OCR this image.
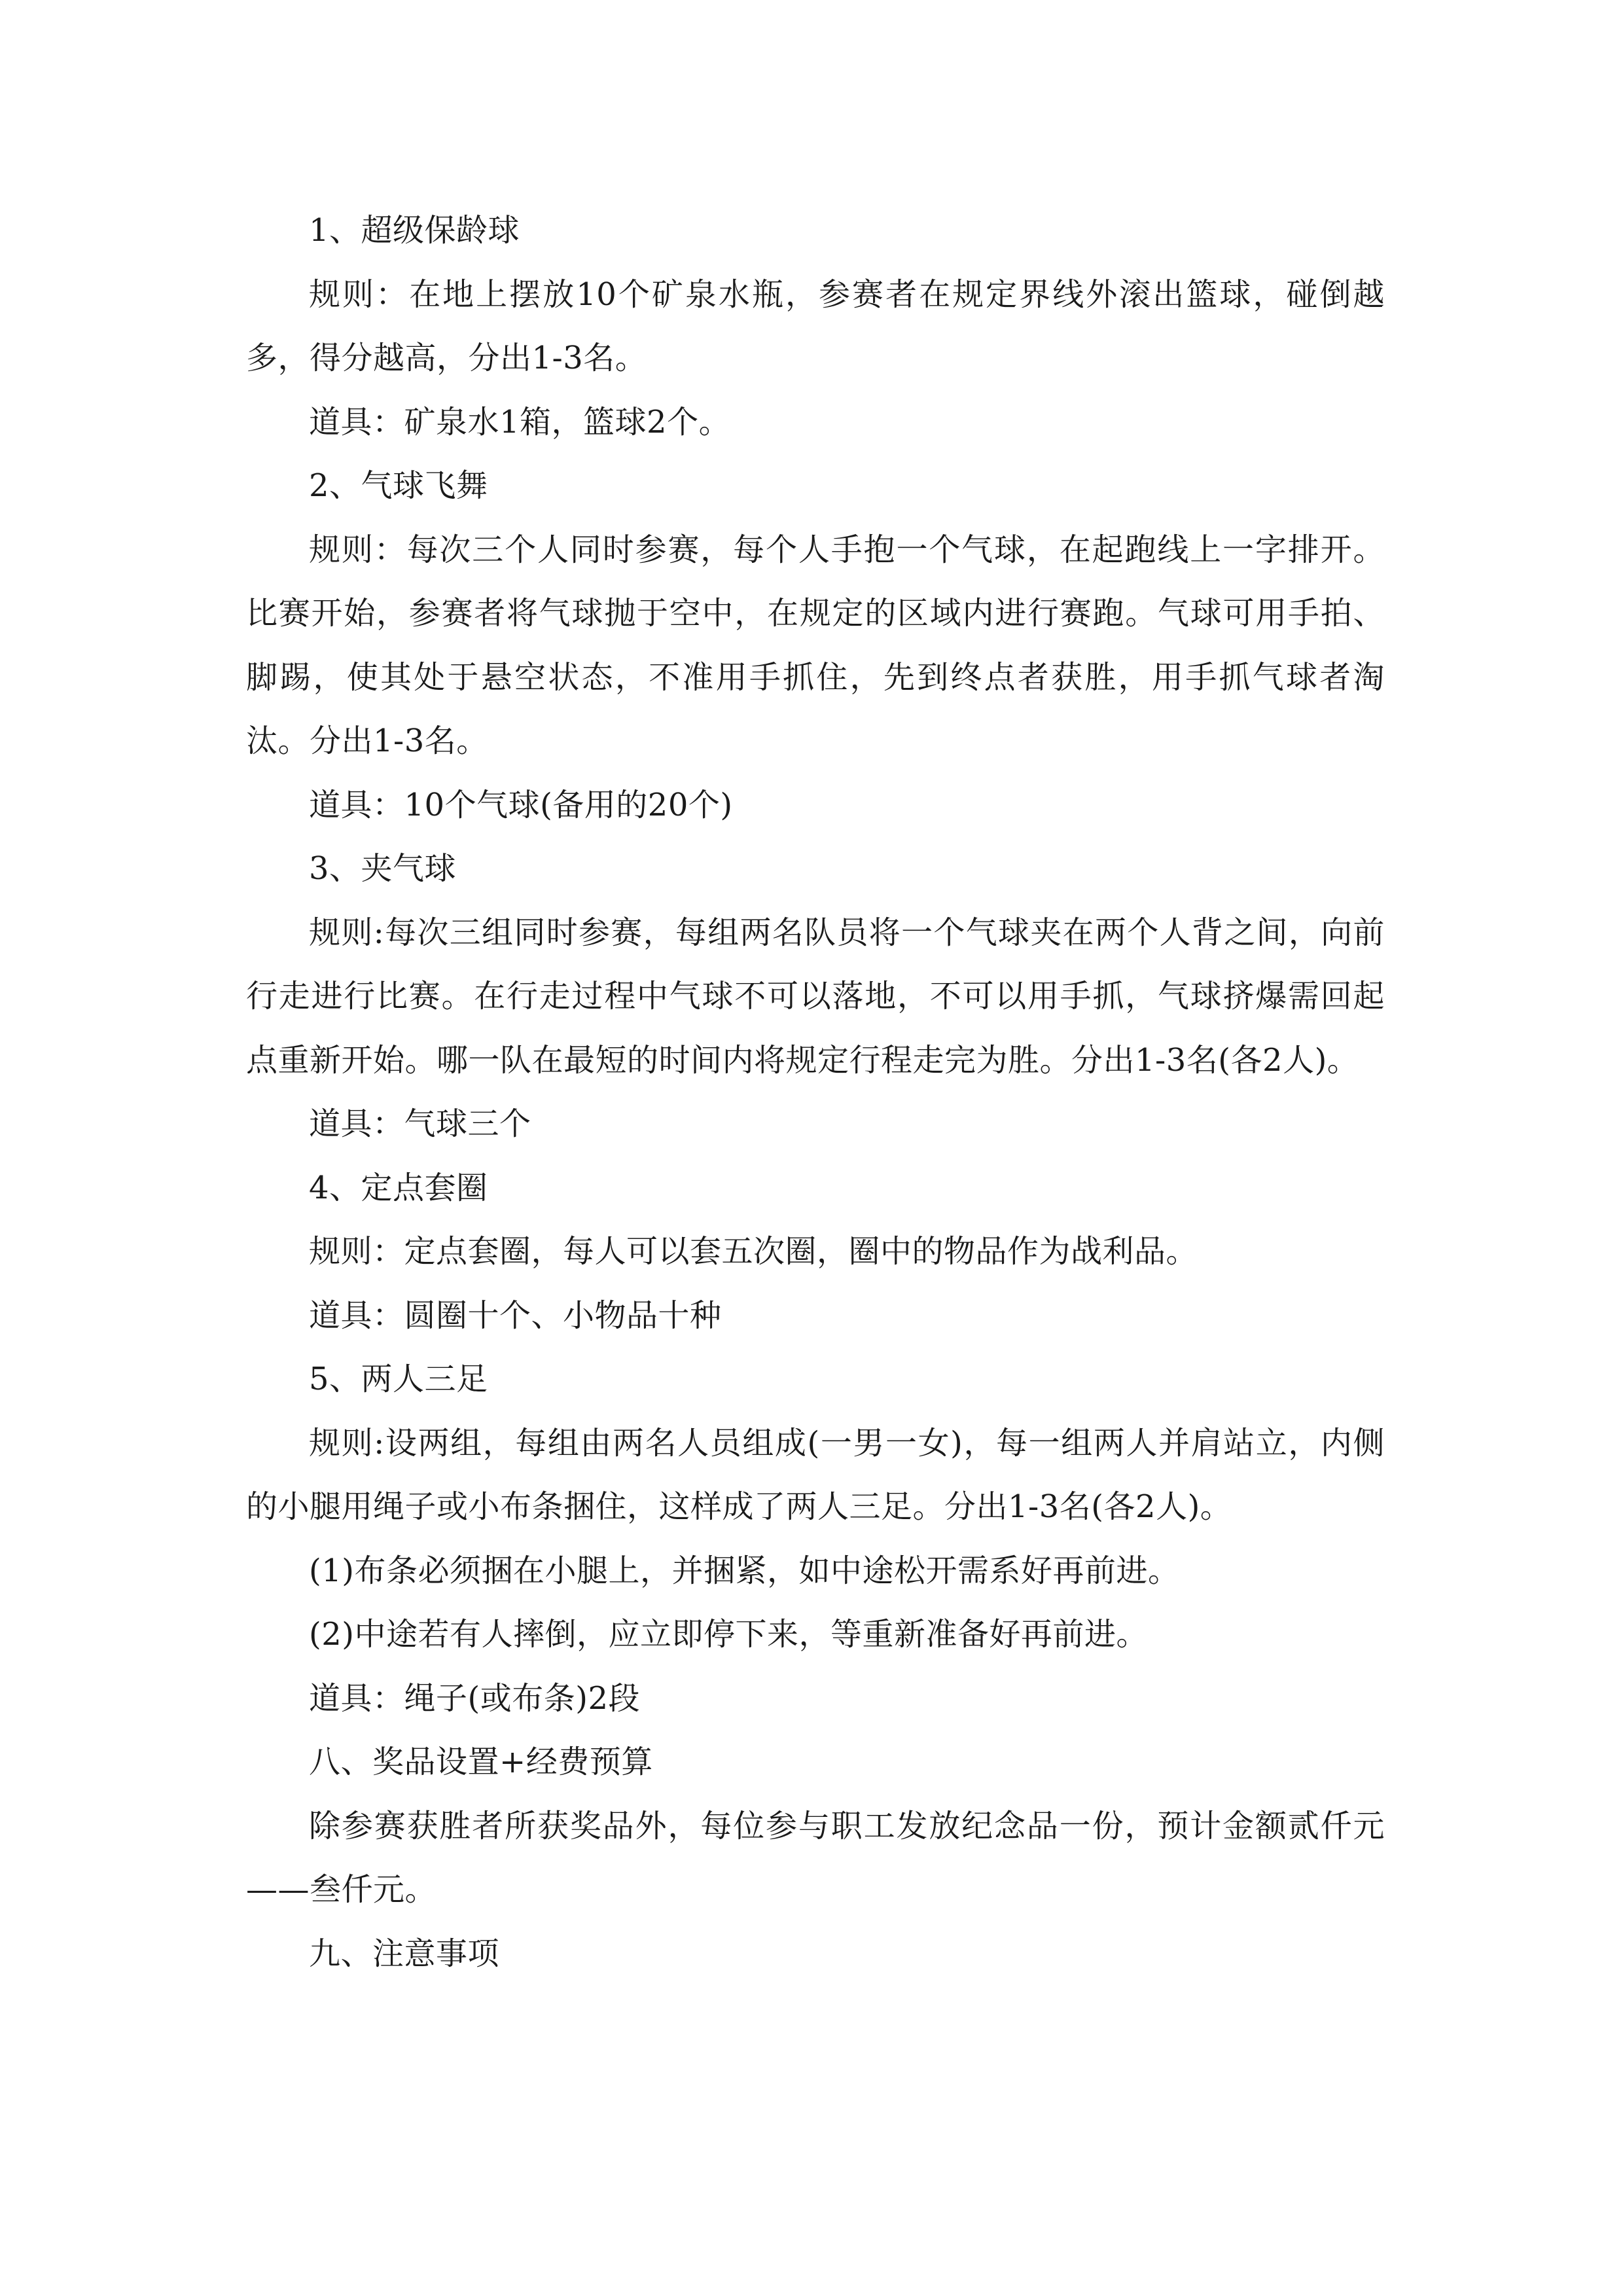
1、超级保龄球

规则：在地上摆放10个矿泉水瓶，参赛者在规定界线外滚出篮球，碰倒越多，得分越高，分出1-3名。

道具：矿泉水1箱，篮球2个。

2、气球飞舞

规则：每次三个人同时参赛，每个人手抱一个气球，在起跑线上一字排开。比赛开始，参赛者将气球抛于空中，在规定的区域内进行赛跑。气球可用手拍、脚踢，使其处于悬空状态，不准用手抓住，先到终点者获胜，用手抓气球者淘汰。分出1-3名。

道具：10个气球(备用的20个)

3、夹气球

规则:每次三组同时参赛，每组两名队员将一个气球夹在两个人背之间，向前行走进行比赛。在行走过程中气球不可以落地，不可以用手抓，气球挤爆需回起点重新开始。哪一队在最短的时间内将规定行程走完为胜。分出1-3名(各2人)。

道具：气球三个

4、定点套圈

规则：定点套圈，每人可以套五次圈，圈中的物品作为战利品。

道具：圆圈十个、小物品十种

5、两人三足

规则:设两组，每组由两名人员组成(一男一女)，每一组两人并肩站立，内侧的小腿用绳子或小布条捆住，这样成了两人三足。分出1-3名(各2人)。

(1)布条必须捆在小腿上，并捆紧，如中途松开需系好再前进。

(2)中途若有人摔倒，应立即停下来，等重新准备好再前进。

道具：绳子(或布条)2段

八、奖品设置+经费预算

除参赛获胜者所获奖品外，每位参与职工发放纪念品一份，预计金额贰仟元——叁仟元。

九、注意事项
